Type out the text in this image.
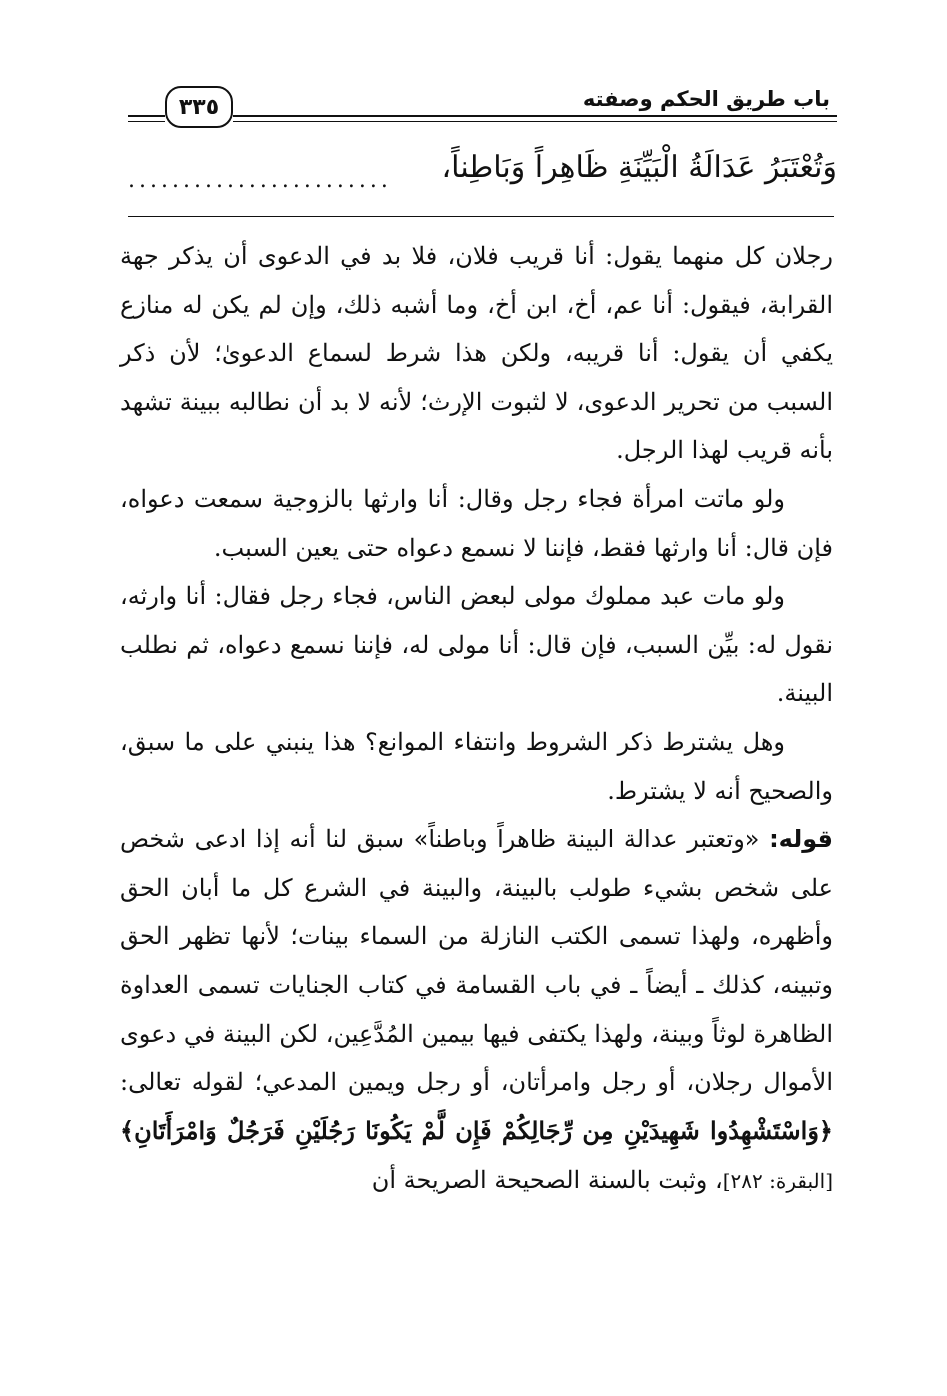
باب طريق الحكم وصفته
٣٣٥
وَتُعْتَبَرُ عَدَالَةُ الْبَيِّنَةِ ظَاهِراً وَبَاطِناً،
........................

رجلان كل منهما يقول: أنا قريب فلان، فلا بد في الدعوى أن يذكر جهة القرابة، فيقول: أنا عم، أخ، ابن أخ، وما أشبه ذلك، وإن لم يكن له منازع يكفي أن يقول: أنا قريبه، ولكن هذا شرط لسماع الدعوىٰ؛ لأن ذكر السبب من تحرير الدعوى، لا لثبوت الإرث؛ لأنه لا بد أن نطالبه ببينة تشهد بأنه قريب لهذا الرجل.

ولو ماتت امرأة فجاء رجل وقال: أنا وارثها بالزوجية سمعت دعواه، فإن قال: أنا وارثها فقط، فإننا لا نسمع دعواه حتى يعين السبب.

ولو مات عبد مملوك مولى لبعض الناس، فجاء رجل فقال: أنا وارثه، نقول له: بيِّن السبب، فإن قال: أنا مولى له، فإننا نسمع دعواه، ثم نطلب البينة.

وهل يشترط ذكر الشروط وانتفاء الموانع؟ هذا ينبني على ما سبق، والصحيح أنه لا يشترط.

قوله: «وتعتبر عدالة البينة ظاهراً وباطناً» سبق لنا أنه إذا ادعى شخص على شخص بشيء طولب بالبينة، والبينة في الشرع كل ما أبان الحق وأظهره، ولهذا تسمى الكتب النازلة من السماء بينات؛ لأنها تظهر الحق وتبينه، كذلك ـ أيضاً ـ في باب القسامة في كتاب الجنايات تسمى العداوة الظاهرة لوثاً وبينة، ولهذا يكتفى فيها بيمين المُدَّعِين، لكن البينة في دعوى الأموال رجلان، أو رجل وامرأتان، أو رجل ويمين المدعي؛ لقوله تعالى: ﴿وَاسْتَشْهِدُوا شَهِيدَيْنِ مِن رِّجَالِكُمْ فَإِن لَّمْ يَكُونَا رَجُلَيْنِ فَرَجُلٌ وَامْرَأَتَانِ﴾ [البقرة: ٢٨٢]، وثبت بالسنة الصحيحة الصريحة أن
